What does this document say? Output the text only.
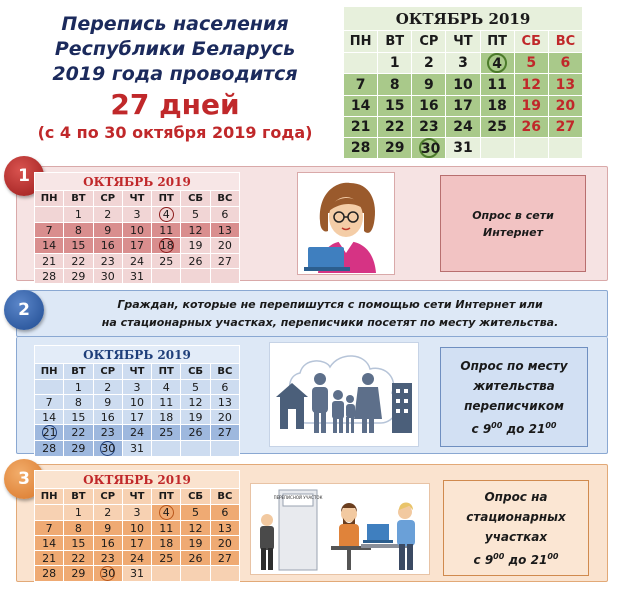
Перепись населения
Республики Беларусь
2019 года проводится
27 дней
(с 4 по 30 октября 2019 года)
ОКТЯБРЬ 2019						
ПН	ВТ	СР	ЧТ	ПТ	СБ	ВС
	1	2	3	4	5	6
7	8	9	10	11	12	13
14	15	16	17	18	19	20
21	22	23	24	25	26	27
28	29	30	31			
1	ОКТЯБРЬ 2019						
ПН	ВТ	СР	ЧТ	ПТ	СБ	ВС
	1	2	3	4	5	6
7	8	9	10	11	12	13
14	15	16	17	18	19	20
21	22	23	24	25	26	27
28	29	30	31			
Опрос в сети
Интернет
2	Граждан, которые не перепишутся с помощью сети Интернет или
на стационарных участках, переписчики посетят по месту жительства.
ОКТЯБРЬ 2019						
ПН	ВТ	СР	ЧТ	ПТ	СБ	ВС
	1	2	3	4	5	6
7	8	9	10	11	12	13
14	15	16	17	18	19	20
21	22	23	24	25	26	27
28	29	30	31			
Опрос по месту
жительства
переписчиком
с $9^{00}$ до $21^{00}$
3	ОКТЯБРЬ 2019						
ПН	ВТ	СР	ЧТ	ПТ	СБ	ВС
	1	2	3	4	5	6
7	8	9	10	11	12	13
14	15	16	17	18	19	20
21	22	23	24	25	26	27
28	29	30	31			
ПЕРЕПИСНОЙ УЧАСТОК	Опрос на
стационарных
участках
с $9^{00}$ до $21^{00}$
